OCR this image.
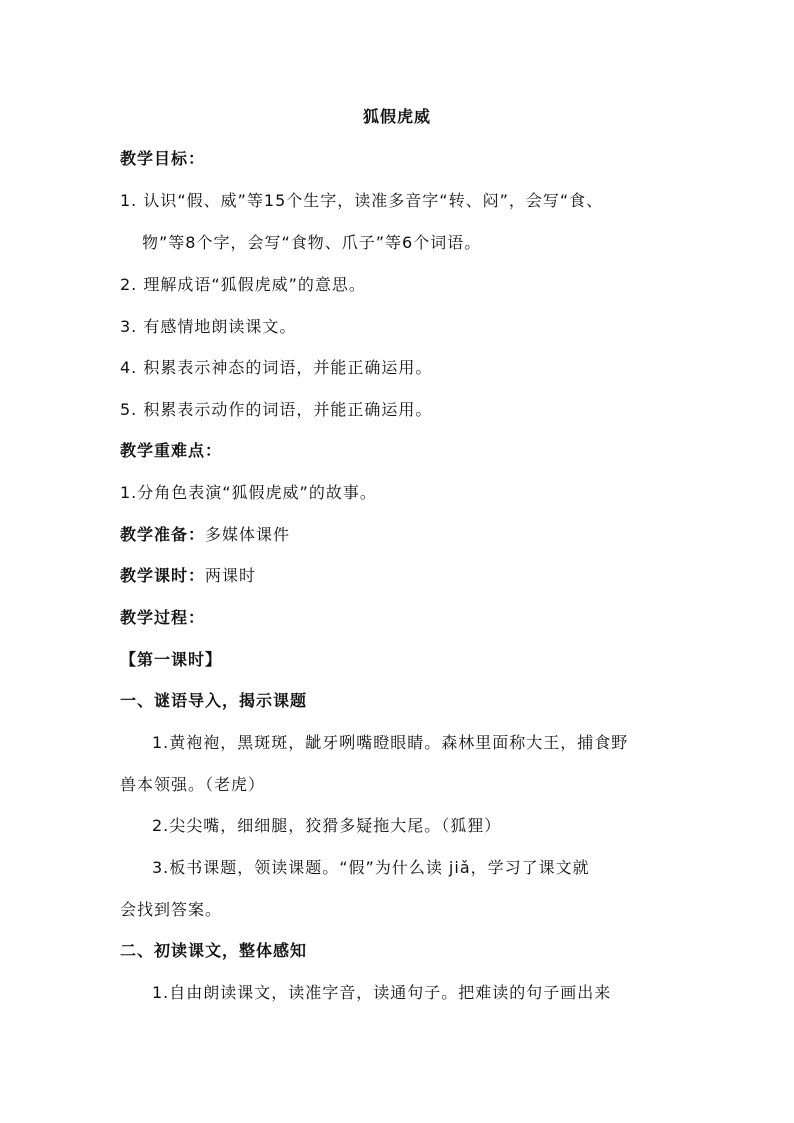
狐假虎威
教学目标：
1. 认识“假、威”等15个生字，读准多音字“转、闷”，会写“食、
物”等8个字，会写“食物、爪子”等6个词语。
2. 理解成语“狐假虎威”的意思。
3. 有感情地朗读课文。
4. 积累表示神态的词语，并能正确运用。
5. 积累表示动作的词语，并能正确运用。
教学重难点：
1.分角色表演“狐假虎威”的故事。
教学准备：多媒体课件
教学课时：两课时
教学过程：
【第一课时】
一、谜语导入，揭示课题
1.黄袍袍，黑斑斑，龇牙咧嘴瞪眼睛。森林里面称大王，捕食野
兽本领强。（老虎）
2.尖尖嘴，细细腿，狡猾多疑拖大尾。（狐狸）
3.板书课题，领读课题。“假”为什么读 jiǎ，学习了课文就
会找到答案。
二、初读课文，整体感知
1.自由朗读课文，读准字音，读通句子。把难读的句子画出来
